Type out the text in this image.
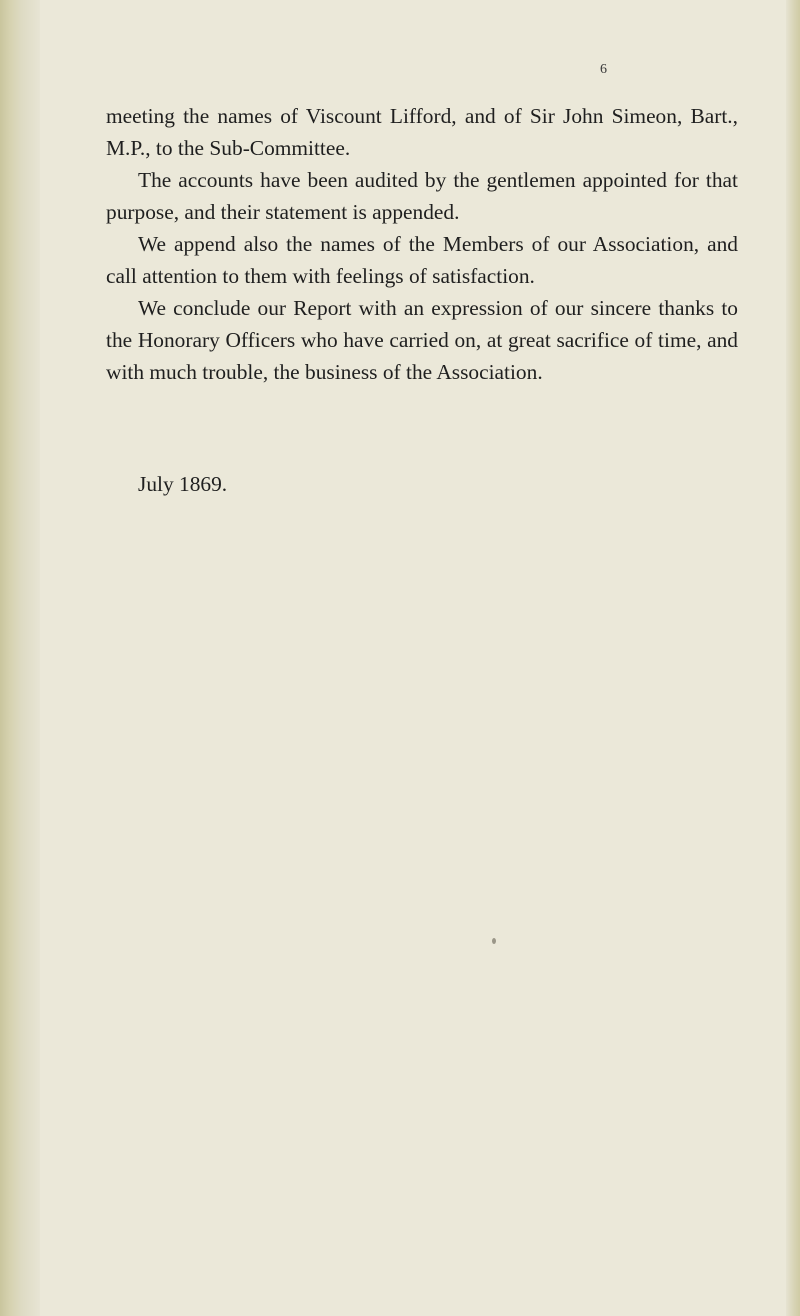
6

meeting the names of Viscount Lifford, and of Sir John Simeon, Bart., M.P., to the Sub-Committee.

The accounts have been audited by the gentlemen appointed for that purpose, and their statement is appended.

We append also the names of the Members of our Association, and call attention to them with feelings of satisfaction.

We conclude our Report with an expression of our sincere thanks to the Honorary Officers who have carried on, at great sacrifice of time, and with much trouble, the business of the Association.

July 1869.
